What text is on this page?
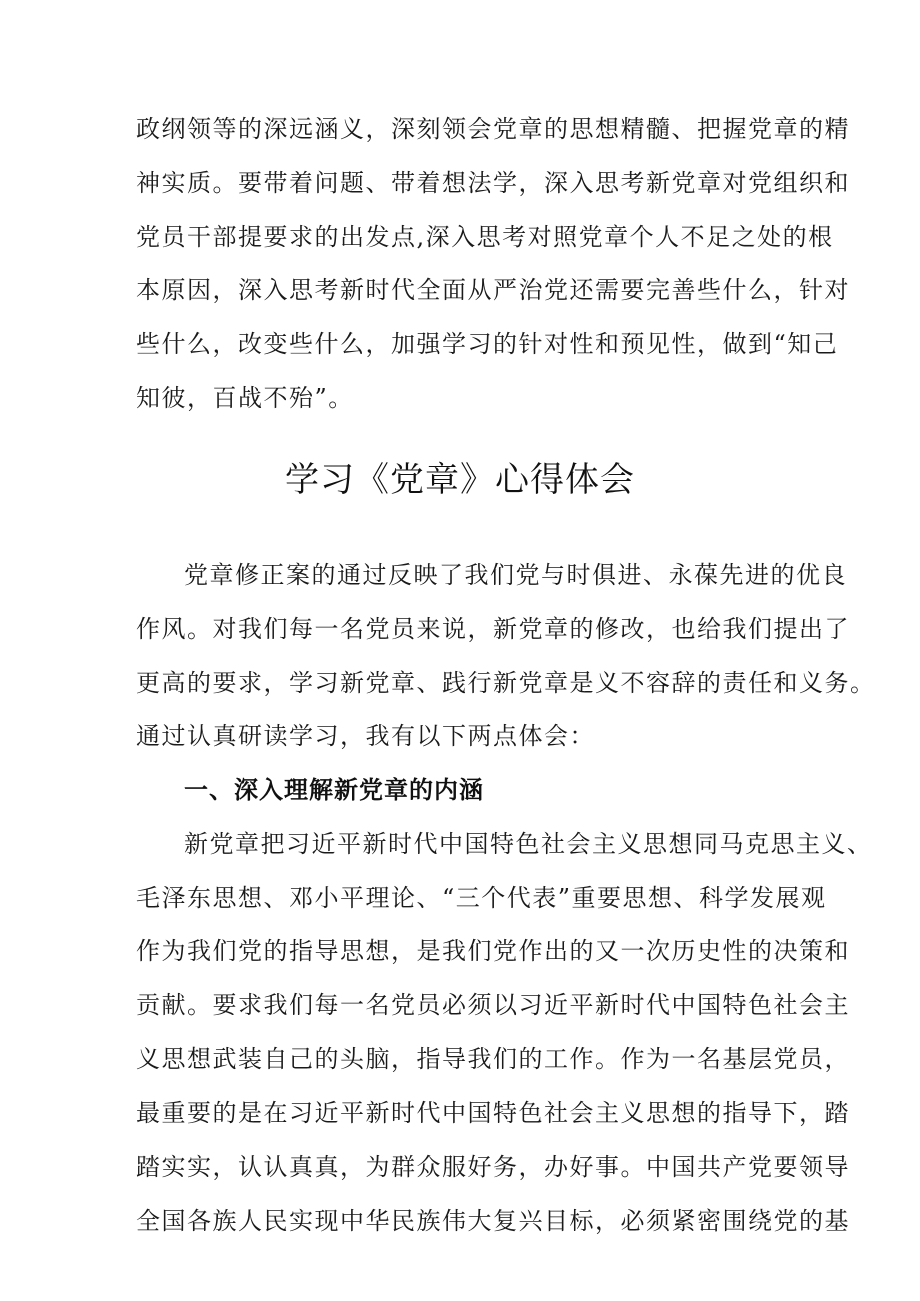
政纲领等的深远涵义，深刻领会党章的思想精髓、把握党章的精
神实质。要带着问题、带着想法学，深入思考新党章对党组织和
党员干部提要求的出发点,深入思考对照党章个人不足之处的根
本原因，深入思考新时代全面从严治党还需要完善些什么，针对
些什么，改变些什么，加强学习的针对性和预见性，做到“知己
知彼，百战不殆”。
学习《党章》心得体会
党章修正案的通过反映了我们党与时俱进、永葆先进的优良
作风。对我们每一名党员来说，新党章的修改，也给我们提出了
更高的要求，学习新党章、践行新党章是义不容辞的责任和义务。
通过认真研读学习，我有以下两点体会：
一、深入理解新党章的内涵
新党章把习近平新时代中国特色社会主义思想同马克思主义、
毛泽东思想、邓小平理论、“三个代表”重要思想、科学发展观
作为我们党的指导思想，是我们党作出的又一次历史性的决策和
贡献。要求我们每一名党员必须以习近平新时代中国特色社会主
义思想武装自己的头脑，指导我们的工作。作为一名基层党员，
最重要的是在习近平新时代中国特色社会主义思想的指导下，踏
踏实实，认认真真，为群众服好务，办好事。中国共产党要领导
全国各族人民实现中华民族伟大复兴目标，必须紧密围绕党的基
